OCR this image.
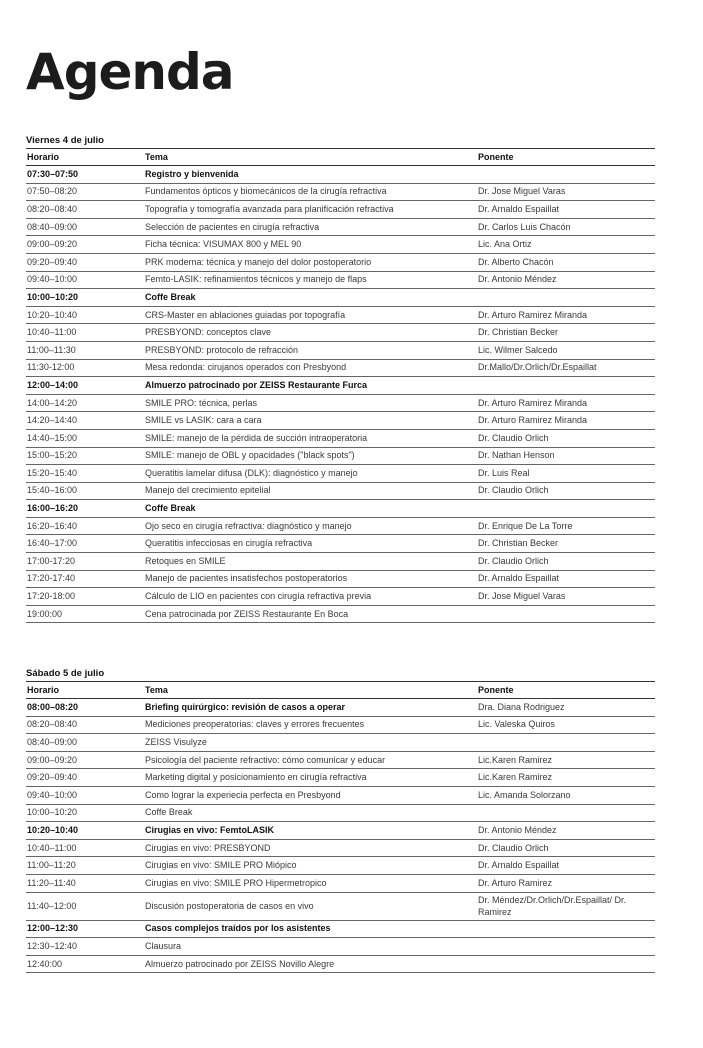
Agenda
Viernes 4 de julio
Horario	Tema	Ponente
07:30–07:50	Registro y bienvenida	
07:50–08:20	Fundamentos ópticos y biomecánicos de la cirugía refractiva	Dr. Jose Miguel Varas
08:20–08:40	Topografía y tomografía avanzada para planificación refractiva	Dr. Arnaldo Espaillat
08:40–09:00	Selección de pacientes en cirugía refractiva	Dr. Carlos Luis Chacón
09:00–09:20	Ficha técnica: VISUMAX 800 y MEL 90	Lic. Ana Ortiz
09:20–09:40	PRK moderna: técnica y manejo del dolor postoperatorio	Dr. Alberto Chacón
09:40–10:00	Femto-LASIK: refinamientos técnicos y manejo de flaps	Dr. Antonio Méndez
10:00–10:20	Coffe Break	
10:20–10:40	CRS-Master en ablaciones guiadas por topografía	Dr. Arturo Ramirez Miranda
10:40–11:00	PRESBYOND: conceptos clave	Dr. Christian Becker
11:00–11:30	PRESBYOND: protocolo de refracción	Lic. Wilmer Salcedo
11:30-12:00	Mesa redonda: cirujanos operados con Presbyond	Dr.Mallo/Dr.Orlich/Dr.Espaillat
12:00–14:00	Almuerzo patrocinado por ZEISS Restaurante Furca	
14:00–14:20	SMILE PRO: técnica, perlas	Dr. Arturo Ramirez Miranda
14:20–14:40	SMILE vs LASIK: cara a cara	Dr. Arturo Ramirez Miranda
14:40–15:00	SMILE: manejo de la pérdida de succión intraoperatoria	Dr. Claudio Orlich
15:00–15:20	SMILE: manejo de OBL y opacidades ("black spots")	Dr. Nathan Henson
15:20–15:40	Queratitis lamelar difusa (DLK): diagnóstico y manejo	Dr. Luis Real
15:40–16:00	Manejo del crecimiento epitelial	Dr. Claudio Orlich
16:00–16:20	Coffe Break	
16:20–16:40	Ojo seco en cirugía refractiva: diagnóstico y manejo	Dr. Enrique De La Torre
16:40–17:00	Queratitis infecciosas en cirugía refractiva	Dr. Christian Becker
17:00-17:20	Retoques en SMILE	Dr. Claudio Orlich
17:20-17:40	Manejo de pacientes insatisfechos postoperatorios	Dr. Arnaldo Espaillat
17:20-18:00	Cálculo de LIO en pacientes con cirugía refractiva previa	Dr. Jose Miguel Varas
19:00:00	Cena patrocinada por ZEISS Restaurante En Boca	
Sábado 5 de julio
Horario	Tema	Ponente
08:00–08:20	Briefing quirúrgico: revisión de casos a operar	Dra. Diana Rodriguez
08:20–08:40	Mediciones preoperatorias: claves y errores frecuentes	Lic. Valeska Quiros
08:40–09:00	ZEISS Visulyze	
09:00–09:20	Psicología del paciente refractivo: cómo comunicar y educar	Lic.Karen Ramirez
09:20–09:40	Marketing digital y posicionamiento en cirugía refractiva	Lic.Karen Ramirez
09:40–10:00	Como lograr la experiecia perfecta en Presbyond	Lic. Amanda Solorzano
10:00–10:20	Coffe Break	
10:20–10:40	Cirugias en vivo: FemtoLASIK	Dr. Antonio Méndez
10:40–11:00	Cirugias en vivo: PRESBYOND	Dr. Claudio Orlich
11:00–11:20	Cirugias en vivo: SMILE PRO Miópico	Dr. Arnaldo Espaillat
11:20–11:40	Cirugias en vivo: SMILE PRO Hipermetropico	Dr. Arturo Ramirez
11:40–12:00	Discusión postoperatoria de casos en vivo	Dr. Méndez/Dr.Orlich/Dr.Espaillat/ Dr. Ramirez
12:00–12:30	Casos complejos traídos por los asistentes	
12:30–12:40	Clausura	
12:40:00	Almuerzo patrocinado por ZEISS Novillo Alegre	
